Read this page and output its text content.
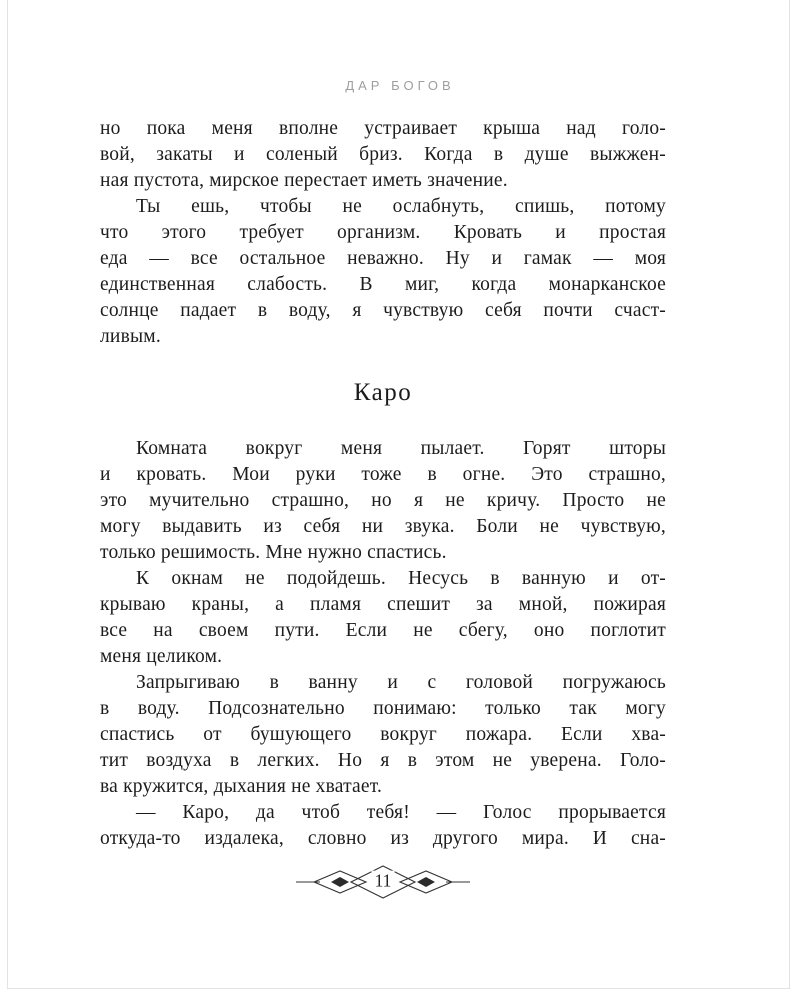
ДАР БОГОВ
но пока меня вполне устраивает крыша над голо-
вой, закаты и соленый бриз. Когда в душе выжжен-
ная пустота, мирское перестает иметь значение.
Ты ешь, чтобы не ослабнуть, спишь, потому
что этого требует организм. Кровать и простая
еда — все остальное неважно. Ну и гамак — моя
единственная слабость. В миг, когда монарканское
солнце падает в воду, я чувствую себя почти счаст-
ливым.
Каро
Комната вокруг меня пылает. Горят шторы
и кровать. Мои руки тоже в огне. Это страшно,
это мучительно страшно, но я не кричу. Просто не
могу выдавить из себя ни звука. Боли не чувствую,
только решимость. Мне нужно спастись.
К окнам не подойдешь. Несусь в ванную и от-
крываю краны, а пламя спешит за мной, пожирая
все на своем пути. Если не сбегу, оно поглотит
меня целиком.
Запрыгиваю в ванну и с головой погружаюсь
в воду. Подсознательно понимаю: только так могу
спастись от бушующего вокруг пожара. Если хва-
тит воздуха в легких. Но я в этом не уверена. Голо-
ва кружится, дыхания не хватает.
— Каро, да чтоб тебя! — Голос прорывается
откуда-то издалека, словно из другого мира. И сна-
11
